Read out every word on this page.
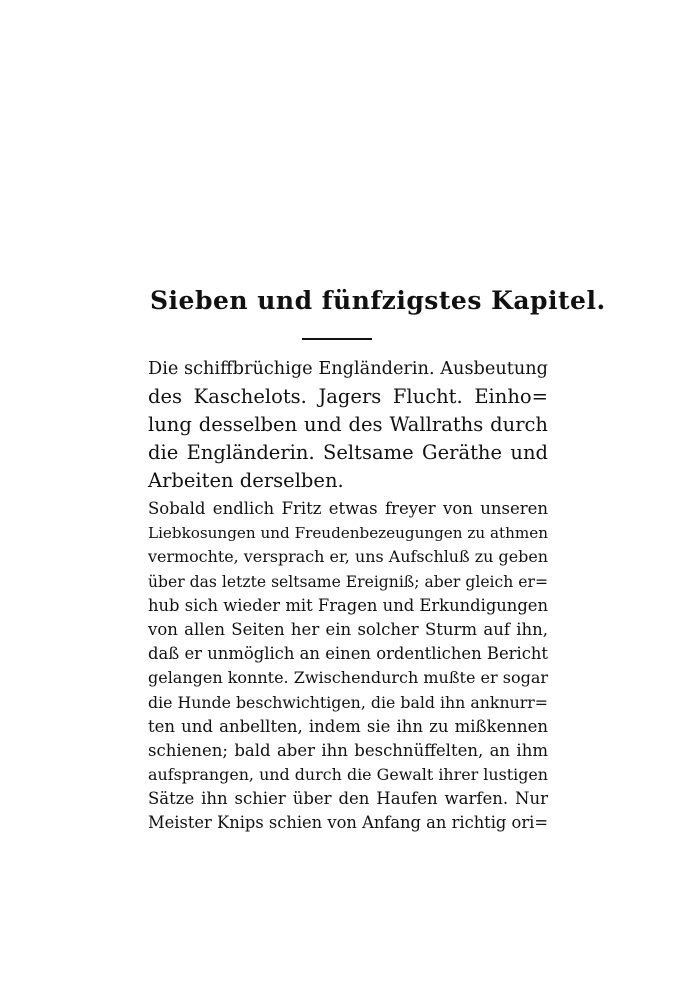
Sieben und fünfzigstes Kapitel.
Die schiffbrüchige Engländerin. Ausbeutung
des Kaschelots. Jagers Flucht. Einho=
lung desselben und des Wallraths durch
die Engländerin. Seltsame Geräthe und
Arbeiten derselben.
Sobald endlich Fritz etwas freyer von unseren
Liebkosungen und Freudenbezeugungen zu athmen
vermochte, versprach er, uns Aufschluß zu geben
über das letzte seltsame Ereigniß; aber gleich er=
hub sich wieder mit Fragen und Erkundigungen
von allen Seiten her ein solcher Sturm auf ihn,
daß er unmöglich an einen ordentlichen Bericht
gelangen konnte. Zwischendurch mußte er sogar
die Hunde beschwichtigen, die bald ihn anknurr=
ten und anbellten, indem sie ihn zu mißkennen
schienen; bald aber ihn beschnüffelten, an ihm
aufsprangen, und durch die Gewalt ihrer lustigen
Sätze ihn schier über den Haufen warfen. Nur
Meister Knips schien von Anfang an richtig ori=
